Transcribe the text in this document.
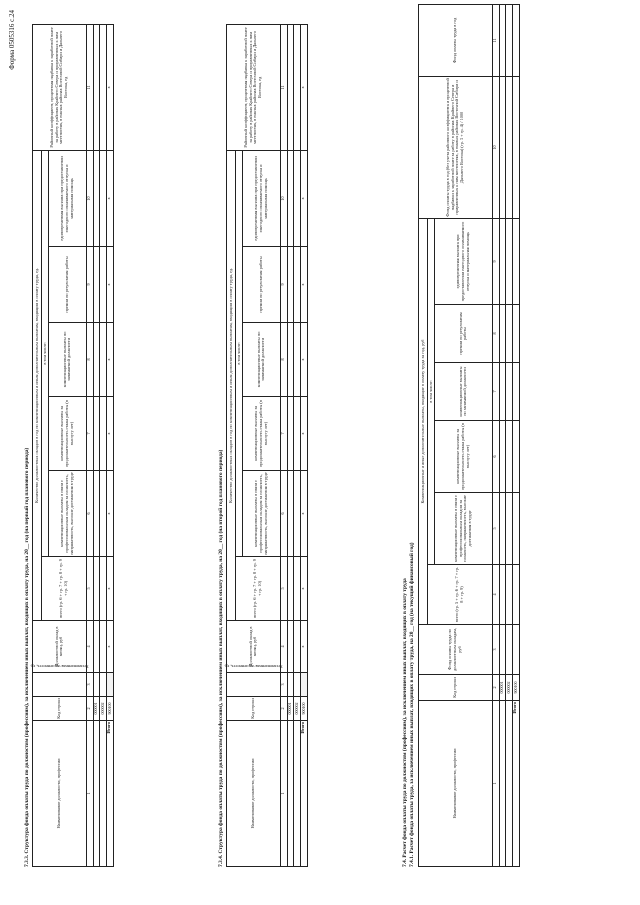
Форма 0505316 с.24
7.3.3. Структура фонда оплаты труда по должностям (профессиям), за исключением иных выплат, входящих в оплату труда, на 20__ год (на первый год планового периода)	Наименование должности, профессии	Код строки	Установленная численность, ед.	Должностной оклад в месяц, руб	Количество должностных окладов в год по компенсационным и иным дополнительным выплатам, входящим в оплату труда, ед.						Районный коэффициент, процентная надбавка к заработной плате за работу в районах Крайнего Севера и приравненных к ним местностях, в южных районах Восточной Сибири и Дальнего Востока, ед
				всего (гр. 6 + гр. 7 + гр. 8 + гр. 9 + гр. 10)	в том числе:					
					компенсационные выплаты в связи с профессиональным окладом за сложность, напряженность, высокие достижения в труде	компенсационные выплаты за продолжительность стажа работы (в выслугу лет)	компенсационные выплаты по занимаемой должности	премии по результатам работы	единовременная выплата при предоставлении ежегодного оплачиваемого отпуска и материальная помощь	
1	2	3	4	5	6	7	8	9	10	11
	000001									
	000002									
Итого	900100		x	x	x	x	x	x	x	x
7.3.4. Структура фонда оплаты труда по должностям (профессиям), за исключением иных выплат, входящих в оплату труда, на 20__ год (на второй год планового периода)	Наименование должности, профессии	Код строки	Установленная численность, ед.	Должностной оклад в месяц, руб	Количество должностных окладов в год по компенсационным и иным дополнительным выплатам, входящим в оплату труда, ед.						Районный коэффициент, процентная надбавка к заработной плате за работу в районах Крайнего Севера и приравненных к ним местностях, в южных районах Восточной Сибири и Дальнего Востока, ед
				всего (гр. 6 + гр. 7 + гр. 8 + гр. 9 + гр. 10)	в том числе:					
					компенсационные выплаты в связи с профессиональным окладом за сложность, напряженность, высокие достижения в труде	компенсационные выплаты за продолжительность стажа работы (в выслугу лет)	компенсационные выплаты по занимаемой должности	премии по результатам работы	единовременная выплата при предоставлении ежегодного оплачиваемого отпуска и материальная помощь	
1	2	3	4	5	6	7	8	9	10	11
	000001									
	000002									
Итого	900100		x	x	x	x	x	x	x	x
7.4. Расчет фонда оплаты труда по должностям (профессиям), за исключением иных выплат, входящих в оплату труда 7.4.1. Расчет фонда оплаты труда, за исключением иных выплат, входящих в оплату труда, на 20__ год (на текущий финансовый год)	Наименование должности, профессии	Код строки	Фонд оплаты труда по должностным окладам, руб	Компенсационные и иные дополнительные выплаты, входящие в оплату труда за год, руб						Фонд оплаты труда в год (без учета районного коэффициента и процентной надбавки к заработной плате за работу в районах Крайнего Севера и приравненных к ним местностях, в южных районах Восточной Сибири и Дальнего Востока) (гр. 3 + гр. 4) / 1000	Фонд оплаты труда в год
			всего (гр. 5 + гр. 6 + гр. 7 + гр. 8 + гр. 9)	в том числе:						
				компенсационные выплаты в связи с профессиональным окладом за сложность, напряженность, высокие достижения в труде	компенсационные выплаты за продолжительность стажа работы (в выслугу лет)	компенсационные выплаты по занимаемой должности	премии по результатам работы	единовременная выплата при предоставлении ежегодного оплачиваемого отпуска и материальная помощь		
1	2	3	4	5	6	7	8	9	10	11
	000001									
	000002									
Итого	900100									
